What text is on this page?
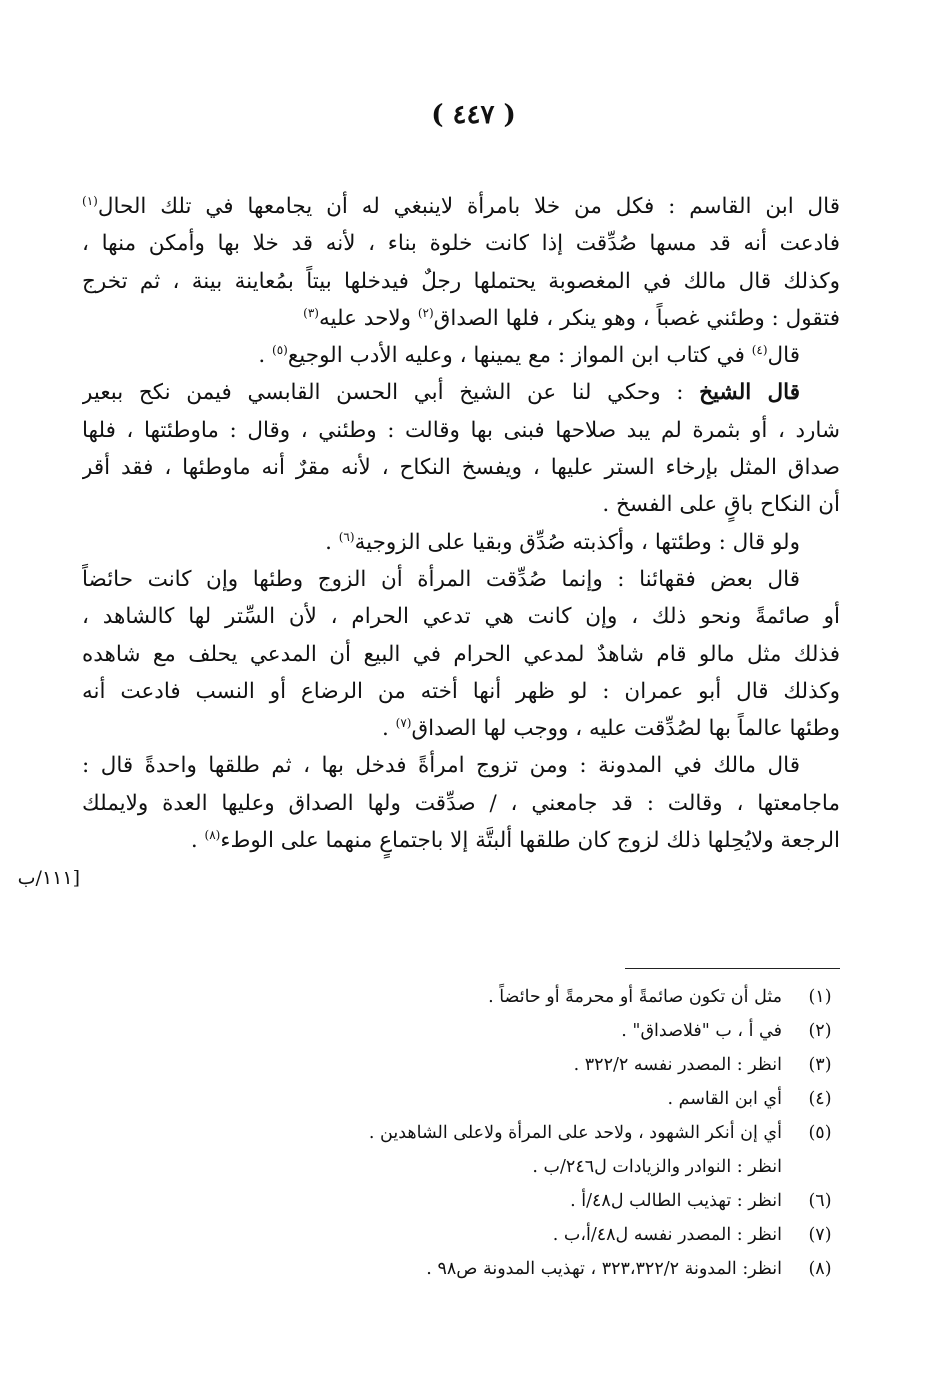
( ٤٤٧ )
قال ابن القاسم : فكل من خلا بامرأة لاينبغي له أن يجامعها في تلك الحال$^{(١)}$
فادعت أنه قد مسها صُدِّقت إذا كانت خلوة بناء ، لأنه قد خلا بها وأمكن منها ،
وكذلك قال مالك في المغصوبة يحتملها رجلٌ فيدخلها بيتاً بمُعاينة بينة ، ثم تخرج
فتقول : وطئني غصباً ، وهو ينكر ، فلها الصداق$^{(٢)}$ ولاحد عليه$^{(٣)}$
قال$^{(٤)}$ في كتاب ابن المواز : مع يمينها ، وعليه الأدب الوجيع$^{(٥)}$ .
قال الشيخ : وحكي لنا عن الشيخ أبي الحسن القابسي فيمن نكح ببعير
شارد ، أو بثمرة لم يبد صلاحها فبنى بها وقالت : وطئني ، وقال : ماوطئتها ، فلها
صداق المثل بإرخاء الستر عليها ، ويفسخ النكاح ، لأنه مقرٌ أنه ماوطئها ، فقد أقر
أن النكاح باقٍ على الفسخ .
ولو قال : وطئتها ، وأكذبته صُدِّق وبقيا على الزوجية$^{(٦)}$ .
قال بعض فقهائنا : وإنما صُدِّقت المرأة أن الزوج وطئها وإن كانت حائضاً
أو صائمةً ونحو ذلك ، وإن كانت هي تدعي الحرام ، لأن السِّتر لها كالشاهد ،
فذلك مثل مالو قام شاهدٌ لمدعي الحرام في البيع أن المدعي يحلف مع شاهده
وكذلك قال أبو عمران : لو ظهر أنها أخته من الرضاع أو النسب فادعت أنه
وطئها عالماً بها لصُدِّقت عليه ، ووجب لها الصداق$^{(٧)}$ .
قال مالك في المدونة : ومن تزوج امرأةً فدخل بها ، ثم طلقها واحدةً قال :
ماجامعتها ، وقالت : قد جامعني ، / صدِّقت ولها الصداق وعليها العدة ولايملك
الرجعة ولايُحِلها ذلك لزوج كان طلقها ألبتَّة إلا باجتماعٍ منهما على الوطء$^{(٨)}$ .
[١١١/ب
(١)
مثل أن تكون صائمةً أو محرمةً أو حائضاً .
(٢)
في أ ، ب "فلاصداق" .
(٣)
انظر : المصدر نفسه ٣٢٢/٢ .
(٤)
أي ابن القاسم .
(٥)
أي إن أنكر الشهود ، ولاحد على المرأة ولاعلى الشاهدين .
انظر : النوادر والزيادات ل٢٤٦/ب .
(٦)
انظر : تهذيب الطالب ل٤٨/أ .
(٧)
انظر : المصدر نفسه ل٤٨/أ،ب .
(٨)
انظر: المدونة ٣٢٣،٣٢٢/٢ ، تهذيب المدونة ص٩٨ .
